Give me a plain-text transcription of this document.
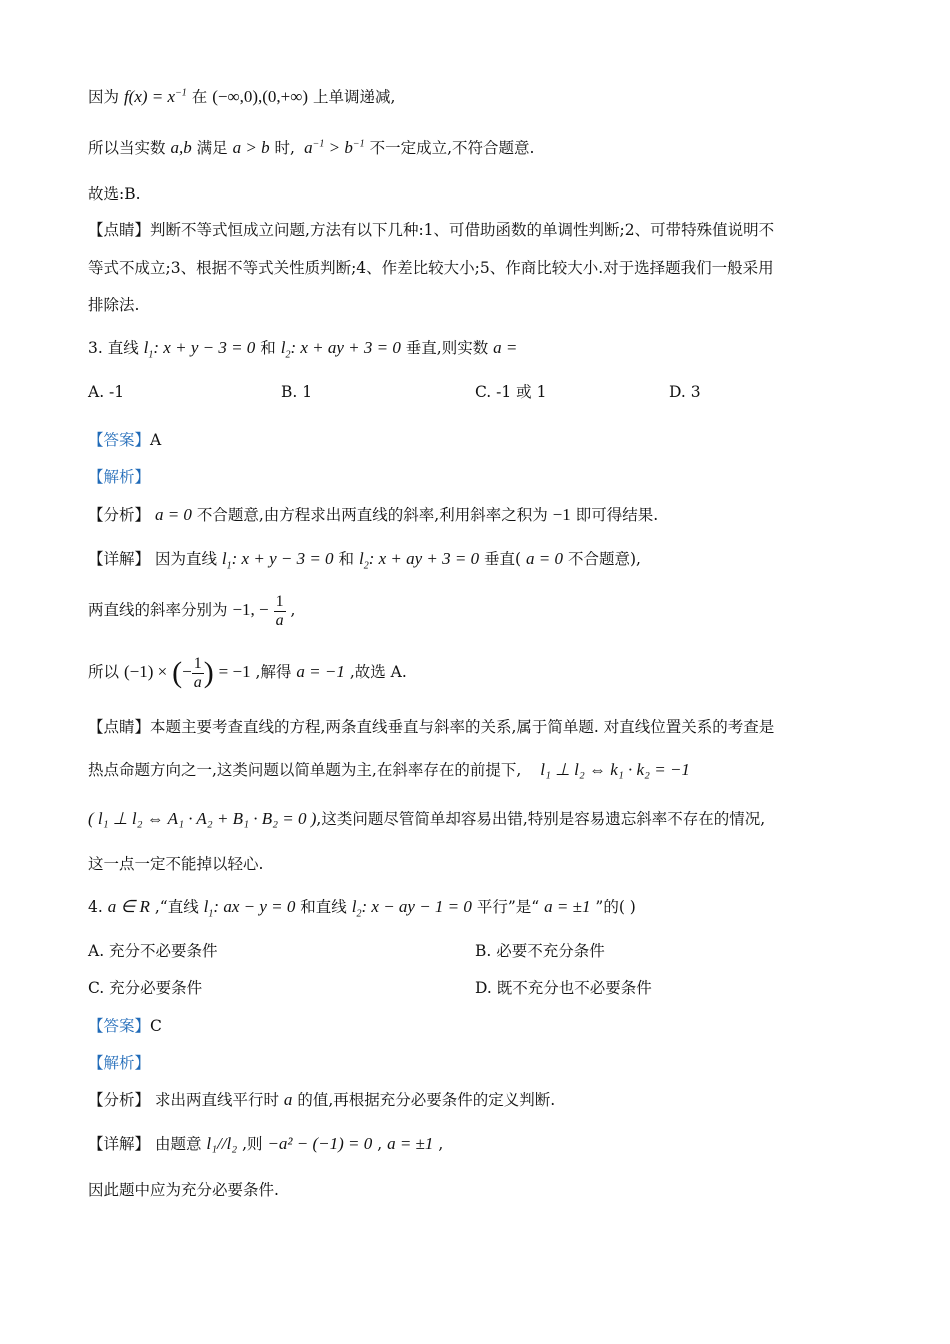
因为 $f(x) = x^{-1}$ 在 (−∞,0),(0,+∞) 上单调递减,
所以当实数 a,b 满足 a > b 时, $a^{-1} > b^{-1}$ 不一定成立,不符合题意.
故选:B.
【点睛】判断不等式恒成立问题,方法有以下几种:1、可借助函数的单调性判断;2、可带特殊值说明不
等式不成立;3、根据不等式关性质判断;4、作差比较大小;5、作商比较大小.对于选择题我们一般采用
排除法.
3. 直线 $l_1$: x + y − 3 = 0 和 $l_2$: x + ay + 3 = 0 垂直,则实数 a =
A. -1	B. 1	C. -1 或 1	D. 3
【答案】A
【解析】
【分析】 a = 0 不合题意,由方程求出两直线的斜率,利用斜率之积为 −1 即可得结果.
【详解】 因为直线 $l_1$: x + y − 3 = 0 和 $l_2$: x + ay + 3 = 0 垂直( a = 0 不合题意),
两直线的斜率分别为 −1, − $\frac{1}{a}$ ,
所以 (−1) × (− $\frac{1}{a}$ ) = −1 ,解得 a = −1 ,故选 A.
【点睛】本题主要考查直线的方程,两条直线垂直与斜率的关系,属于简单题. 对直线位置关系的考查是
热点命题方向之一,这类问题以简单题为主,在斜率存在的前提下, l₁ ⊥ l₂ ⇔ k₁ · k₂ = −1
( l₁ ⊥ l₂ ⇔ A₁ · A₂ + B₁ · B₂ = 0 ),这类问题尽管简单却容易出错,特别是容易遗忘斜率不存在的情况,
这一点一定不能掉以轻心.
4. a ∈ R ,“直线 $l_1$: ax − y = 0 和直线 $l_2$: x − ay − 1 = 0 平行”是“ a = ±1 ”的( )
A. 充分不必要条件	B. 必要不充分条件
C. 充分必要条件	D. 既不充分也不必要条件
【答案】C
【解析】
【分析】 求出两直线平行时 a 的值,再根据充分必要条件的定义判断.
【详解】 由题意 l₁//l₂ ,则 −a² − (−1) = 0 , a = ±1 ,
因此题中应为充分必要条件.
